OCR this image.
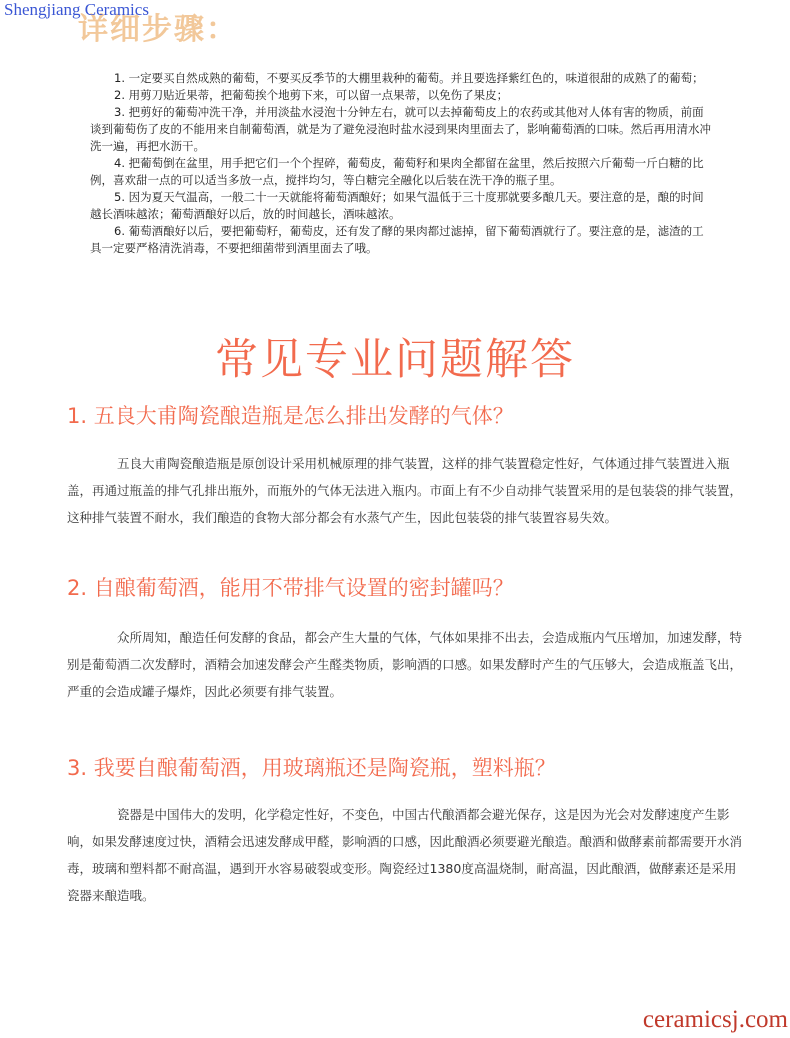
详细步骤：
Shengjiang Ceramics

1. 一定要买自然成熟的葡萄，不要买反季节的大棚里栽种的葡萄。并且要选择紫红色的，味道很甜的成熟了的葡萄；

2. 用剪刀贴近果蒂，把葡萄挨个地剪下来，可以留一点果蒂，以免伤了果皮；

3. 把剪好的葡萄冲洗干净，并用淡盐水浸泡十分钟左右，就可以去掉葡萄皮上的农药或其他对人体有害的物质，前面谈到葡萄伤了皮的不能用来自制葡萄酒，就是为了避免浸泡时盐水浸到果肉里面去了，影响葡萄酒的口味。然后再用清水冲洗一遍，再把水沥干。

4. 把葡萄倒在盆里，用手把它们一个个捏碎，葡萄皮，葡萄籽和果肉全都留在盆里，然后按照六斤葡萄一斤白糖的比例，喜欢甜一点的可以适当多放一点，搅拌均匀，等白糖完全融化以后装在洗干净的瓶子里。

5. 因为夏天气温高，一般二十一天就能将葡萄酒酿好；如果气温低于三十度那就要多酿几天。要注意的是，酿的时间越长酒味越浓；葡萄酒酿好以后，放的时间越长，酒味越浓。

6. 葡萄酒酿好以后，要把葡萄籽，葡萄皮，还有发了酵的果肉都过滤掉，留下葡萄酒就行了。要注意的是，滤渣的工具一定要严格清洗消毒，不要把细菌带到酒里面去了哦。

常见专业问题解答
1. 五良大甫陶瓷酿造瓶是怎么排出发酵的气体？

五良大甫陶瓷酿造瓶是原创设计采用机械原理的排气装置，这样的排气装置稳定性好，气体通过排气装置进入瓶盖，再通过瓶盖的排气孔排出瓶外，而瓶外的气体无法进入瓶内。市面上有不少自动排气装置采用的是包装袋的排气装置，这种排气装置不耐水，我们酿造的食物大部分都会有水蒸气产生，因此包装袋的排气装置容易失效。

2. 自酿葡萄酒，能用不带排气设置的密封罐吗？

众所周知，酿造任何发酵的食品，都会产生大量的气体，气体如果排不出去，会造成瓶内气压增加，加速发酵，特别是葡萄酒二次发酵时，酒精会加速发酵会产生醛类物质，影响酒的口感。如果发酵时产生的气压够大，会造成瓶盖飞出，严重的会造成罐子爆炸，因此必须要有排气装置。

3. 我要自酿葡萄酒，用玻璃瓶还是陶瓷瓶，塑料瓶？

瓷器是中国伟大的发明，化学稳定性好，不变色，中国古代酿酒都会避光保存，这是因为光会对发酵速度产生影响，如果发酵速度过快，酒精会迅速发酵成甲醛，影响酒的口感，因此酿酒必须要避光酿造。酿酒和做酵素前都需要开水消毒，玻璃和塑料都不耐高温，遇到开水容易破裂或变形。陶瓷经过1380度高温烧制，耐高温，因此酿酒，做酵素还是采用瓷器来酿造哦。

ceramicsj.com
